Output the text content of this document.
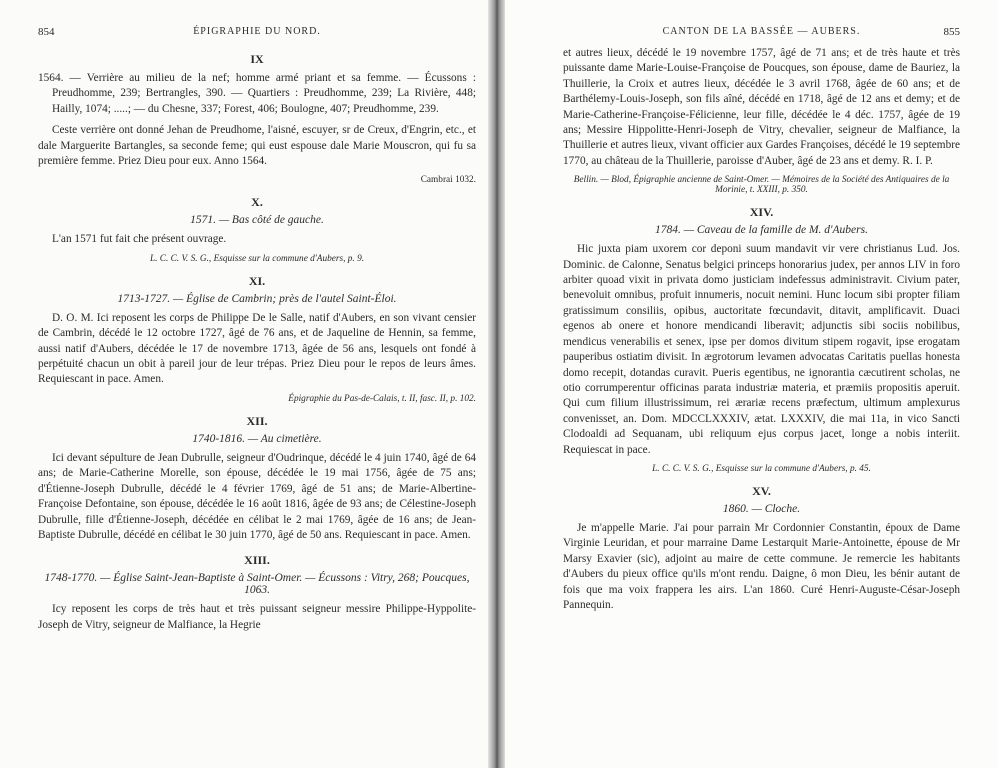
854	ÉPIGRAPHIE DU NORD.
IX

1564. — Verrière au milieu de la nef; homme armé priant et sa femme. — Écussons : Preudhomme, 239; Bertrangles, 390. — Quartiers : Preudhomme, 239; La Rivière, 448; Hailly, 1074; .....; — du Chesne, 337; Forest, 406; Boulogne, 407; Preudhomme, 239.

Ceste verrière ont donné Jehan de Preudhome, l'aisné, escuyer, sr de Creux, d'Engrin, etc., et dale Marguerite Bartangles, sa seconde feme; qui eust espouse dale Marie Mouscron, qui fu sa première femme. Priez Dieu pour eux. Anno 1564.

Cambrai 1032.
X.
1571. — Bas côté de gauche.

L'an 1571 fut fait che présent ouvrage.

L. C. C. V. S. G., Esquisse sur la commune d'Aubers, p. 9.
XI.
1713-1727. — Église de Cambrin; près de l'autel Saint-Éloi.

D. O. M. Ici reposent les corps de Philippe De le Salle, natif d'Aubers, en son vivant censier de Cambrin, décédé le 12 octobre 1727, âgé de 76 ans, et de Jaqueline de Hennin, sa femme, aussi natif d'Aubers, décédée le 17 de novembre 1713, âgée de 56 ans, lesquels ont fondé à perpétuité chacun un obit à pareil jour de leur trépas. Priez Dieu pour le repos de leurs âmes. Requiescant in pace. Amen.

Épigraphie du Pas-de-Calais, t. II, fasc. II, p. 102.
XII.
1740-1816. — Au cimetière.

Ici devant sépulture de Jean Dubrulle, seigneur d'Oudrinque, décédé le 4 juin 1740, âgé de 64 ans; de Marie-Catherine Morelle, son épouse, décédée le 19 mai 1756, âgée de 75 ans; d'Étienne-Joseph Dubrulle, décédé le 4 février 1769, âgé de 51 ans; de Marie-Albertine-Françoise Defontaine, son épouse, décédée le 16 août 1816, âgée de 93 ans; de Célestine-Joseph Dubrulle, fille d'Étienne-Joseph, décédée en célibat le 2 mai 1769, âgée de 16 ans; de Jean-Baptiste Dubrulle, décédé en célibat le 30 juin 1770, âgé de 50 ans. Requiescant in pace. Amen.

XIII.
1748-1770. — Église Saint-Jean-Baptiste à Saint-Omer. — Écussons : Vitry, 268; Poucques, 1063.

Icy reposent les corps de très haut et très puissant seigneur messire Philippe-Hyppolite-Joseph de Vitry, seigneur de Malfiance, la Hegrie

CANTON DE LA BASSÉE — AUBERS.	855

et autres lieux, décédé le 19 novembre 1757, âgé de 71 ans; et de très haute et très puissante dame Marie-Louise-Françoise de Poucques, son épouse, dame de Bauriez, la Thuillerie, la Croix et autres lieux, décédée le 3 avril 1768, âgée de 60 ans; et de Barthélemy-Louis-Joseph, son fils aîné, décédé en 1718, âgé de 12 ans et demy; et de Marie-Catherine-Françoise-Félicienne, leur fille, décédée le 4 déc. 1757, âgée de 19 ans; Messire Hippolitte-Henri-Joseph de Vitry, chevalier, seigneur de Malfiance, la Thuillerie et autres lieux, vivant officier aux Gardes Françoises, décédé le 19 septembre 1770, au château de la Thuillerie, paroisse d'Auber, âgé de 23 ans et demy. R. I. P.

Bellin. — Blod, Épigraphie ancienne de Saint-Omer. — Mémoires de la Société des Antiquaires de la Morinie, t. XXIII, p. 350.
XIV.
1784. — Caveau de la famille de M. d'Aubers.

Hic juxta piam uxorem cor deponi suum mandavit vir vere christianus Lud. Jos. Dominic. de Calonne, Senatus belgici princeps honorarius judex, per annos LIV in foro arbiter quoad vixit in privata domo justiciam indefessus administravit. Civium pater, benevoluit omnibus, profuit innumeris, nocuit nemini. Hunc locum sibi propter filiam gratissimum consiliis, opibus, auctoritate fœcundavit, ditavit, amplificavit. Duaci egenos ab onere et honore mendicandi liberavit; adjunctis sibi sociis nobilibus, mendicus venerabilis et senex, ipse per domos divitum stipem rogavit, ipse erogatam pauperibus ostiatim divisit. In ægrotorum levamen advocatas Caritatis puellas honesta domo recepit, dotandas curavit. Pueris egentibus, ne ignorantia cæcutirent scholas, ne otio corrumperentur officinas parata industriæ materia, et præmiis propositis aperuit. Qui cum filium illustrissimum, rei ærariæ recens præfectum, ultimum amplexurus convenisset, an. Dom. MDCCLXXXIV, ætat. LXXXIV, die mai 11a, in vico Sancti Clodoaldi ad Sequanam, ubi reliquum ejus corpus jacet, longe a nobis interiit. Requiescat in pace.

L. C. C. V. S. G., Esquisse sur la commune d'Aubers, p. 45.
XV.
1860. — Cloche.

Je m'appelle Marie. J'ai pour parrain Mr Cordonnier Constantin, époux de Dame Virginie Leuridan, et pour marraine Dame Lestarquit Marie-Antoinette, épouse de Mr Marsy Exavier (sic), adjoint au maire de cette commune. Je remercie les habitants d'Aubers du pieux office qu'ils m'ont rendu. Daigne, ô mon Dieu, les bénir autant de fois que ma voix frappera les airs. L'an 1860. Curé Henri-Auguste-César-Joseph Pannequin.
